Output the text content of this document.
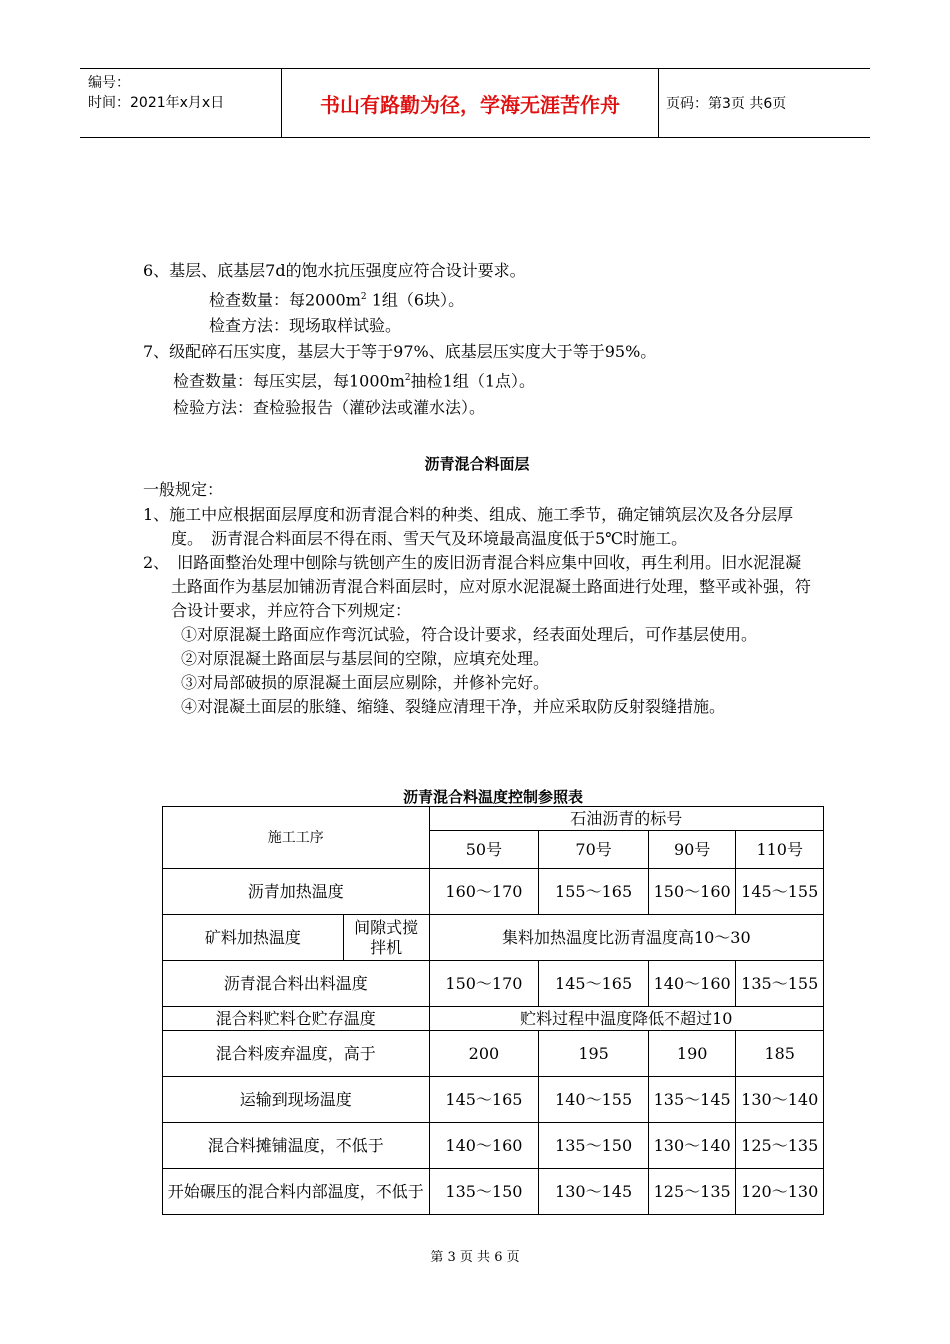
编号：
时间：2021年x月x日	书山有路勤为径，学海无涯苦作舟	页码：第3页 共6页
6、基层、底基层7d的饱水抗压强度应符合设计要求。
检查数量：每$2000m^2$ 1组（6块）。
检查方法：现场取样试验。
7、级配碎石压实度，基层大于等于97%、底基层压实度大于等于95%。
检查数量：每压实层，每$1000m^2$抽检1组（1点）。
检验方法：查检验报告（灌砂法或灌水法）。
沥青混合料面层
一般规定：
1、施工中应根据面层厚度和沥青混合料的种类、组成、施工季节，确定铺筑层次及各分层厚度。　沥青混合料面层不得在雨、雪天气及环境最高温度低于5℃时施工。
2、　旧路面整治处理中刨除与铣刨产生的废旧沥青混合料应集中回收，再生利用。旧水泥混凝土路面作为基层加铺沥青混合料面层时，应对原水泥混凝土路面进行处理，整平或补强，符合设计要求，并应符合下列规定：
①对原混凝土路面应作弯沉试验，符合设计要求，经表面处理后，可作基层使用。
②对原混凝土路面层与基层间的空隙，应填充处理。
③对局部破损的原混凝土面层应剔除，并修补完好。
④对混凝土面层的胀缝、缩缝、裂缝应清理干净，并应采取防反射裂缝措施。
沥青混合料温度控制参照表
施工工序		石油沥青的标号			
		50号	70号	90号	110号
沥青加热温度		160～170	155～165	150～160	145～155
矿料加热温度	间隙式搅拌机	集料加热温度比沥青温度高10～30			
沥青混合料出料温度		150～170	145～165	140～160	135～155
混合料贮料仓贮存温度		贮料过程中温度降低不超过10			
混合料废弃温度，高于		200	195	190	185
运输到现场温度		145～165	140～155	135～145	130～140
混合料摊铺温度，不低于		140～160	135～150	130～140	125～135
开始碾压的混合料内部温度，不低于		135～150	130～145	125～135	120～130
第 3 页 共 6 页
